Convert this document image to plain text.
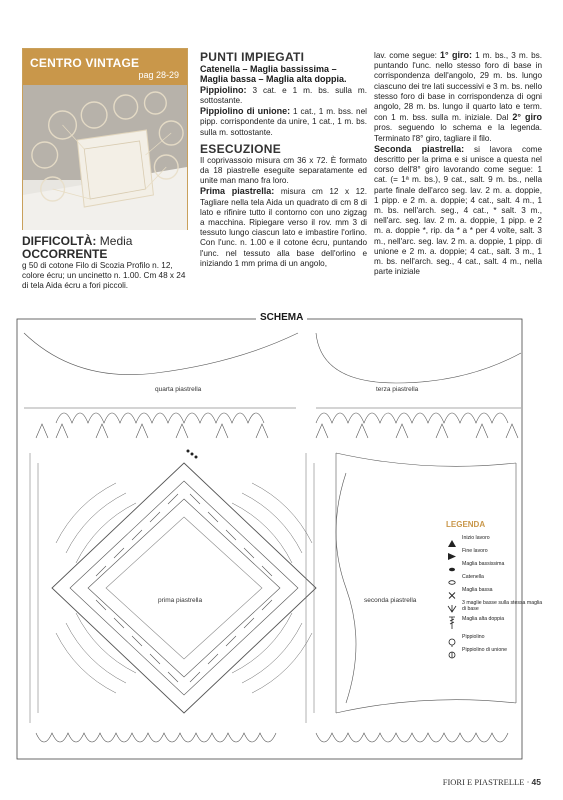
CENTRO VINTAGE
pag 28-29
DIFFICOLTÀ: Media
OCCORRENTE
g 50 di cotone Filo di Scozia Profilo n. 12, colore écru; un uncinetto n. 1.00. Cm 48 x 24 di tela Aida écru a fori piccoli.
PUNTI IMPIEGATI
Catenella – Maglia bassissima – Maglia bassa – Maglia alta doppia.
Pippiolino: 3 cat. e 1 m. bs. sulla m. sottostante.
Pippiolino di unione: 1 cat., 1 m. bss. nel pipp. corrispondente da unire, 1 cat., 1 m. bs. sulla m. sottostante.
ESECUZIONE
Il coprivassoio misura cm 36 x 72. È formato da 18 piastrelle eseguite separatamente ed unite man mano fra loro.
Prima piastrella: misura cm 12 x 12. Tagliare nella tela Aida un quadrato di cm 8 di lato e rifinire tutto il contorno con uno zigzag a macchina. Ripiegare verso il rov. mm 3 di tessuto lungo ciascun lato e imbastire l'orlino. Con l'unc. n. 1.00 e il cotone écru, puntando l'unc. nel tessuto alla base dell'orlino e iniziando 1 mm prima di un angolo,
lav. come segue: 1° giro: 1 m. bs., 3 m. bs. puntando l'unc. nello stesso foro di base in corrispondenza dell'angolo, 29 m. bs. lungo ciascuno dei tre lati successivi e 3 m. bs. nello stesso foro di base in corrispondenza di ogni angolo, 28 m. bs. lungo il quarto lato e term. con 1 m. bss. sulla m. iniziale. Dal 2° giro pros. seguendo lo schema e la legenda. Terminato l'8° giro, tagliare il filo.
Seconda piastrella: si lavora come descritto per la prima e si unisce a questa nel corso dell'8° giro lavorando come segue: 1 cat. (= 1ª m. bs.), 9 cat., salt. 9 m. bs., nella parte finale dell'arco seg. lav. 2 m. a. doppie, 1 pipp. e 2 m. a. doppie; 4 cat., salt. 4 m., 1 m. bs. nell'arch. seg., 4 cat., * salt. 3 m., nell'arc. seg. lav. 2 m. a. doppie, 1 pipp. e 2 m. a. doppie *, rip. da * a * per 4 volte, salt. 3 m., nell'arc. seg. lav. 2 m. a. doppie, 1 pipp. di unione e 2 m. a. doppie; 4 cat., salt. 3 m., 1 m. bs. nell'arch. seg., 4 cat., salt. 4 m., nella parte iniziale
SCHEMA
quarta piastrella	terza piastrella
prima piastrella	seconda piastrella
LEGENDA
Inizio lavoro
Fine lavoro
Maglia bassissima
Catenella
Maglia bassa
3 maglie basse sulla stessa maglia di base
Maglia alta doppia
Pippiolino
Pippiolino di unione
FIORI E PIASTRELLE · 45
